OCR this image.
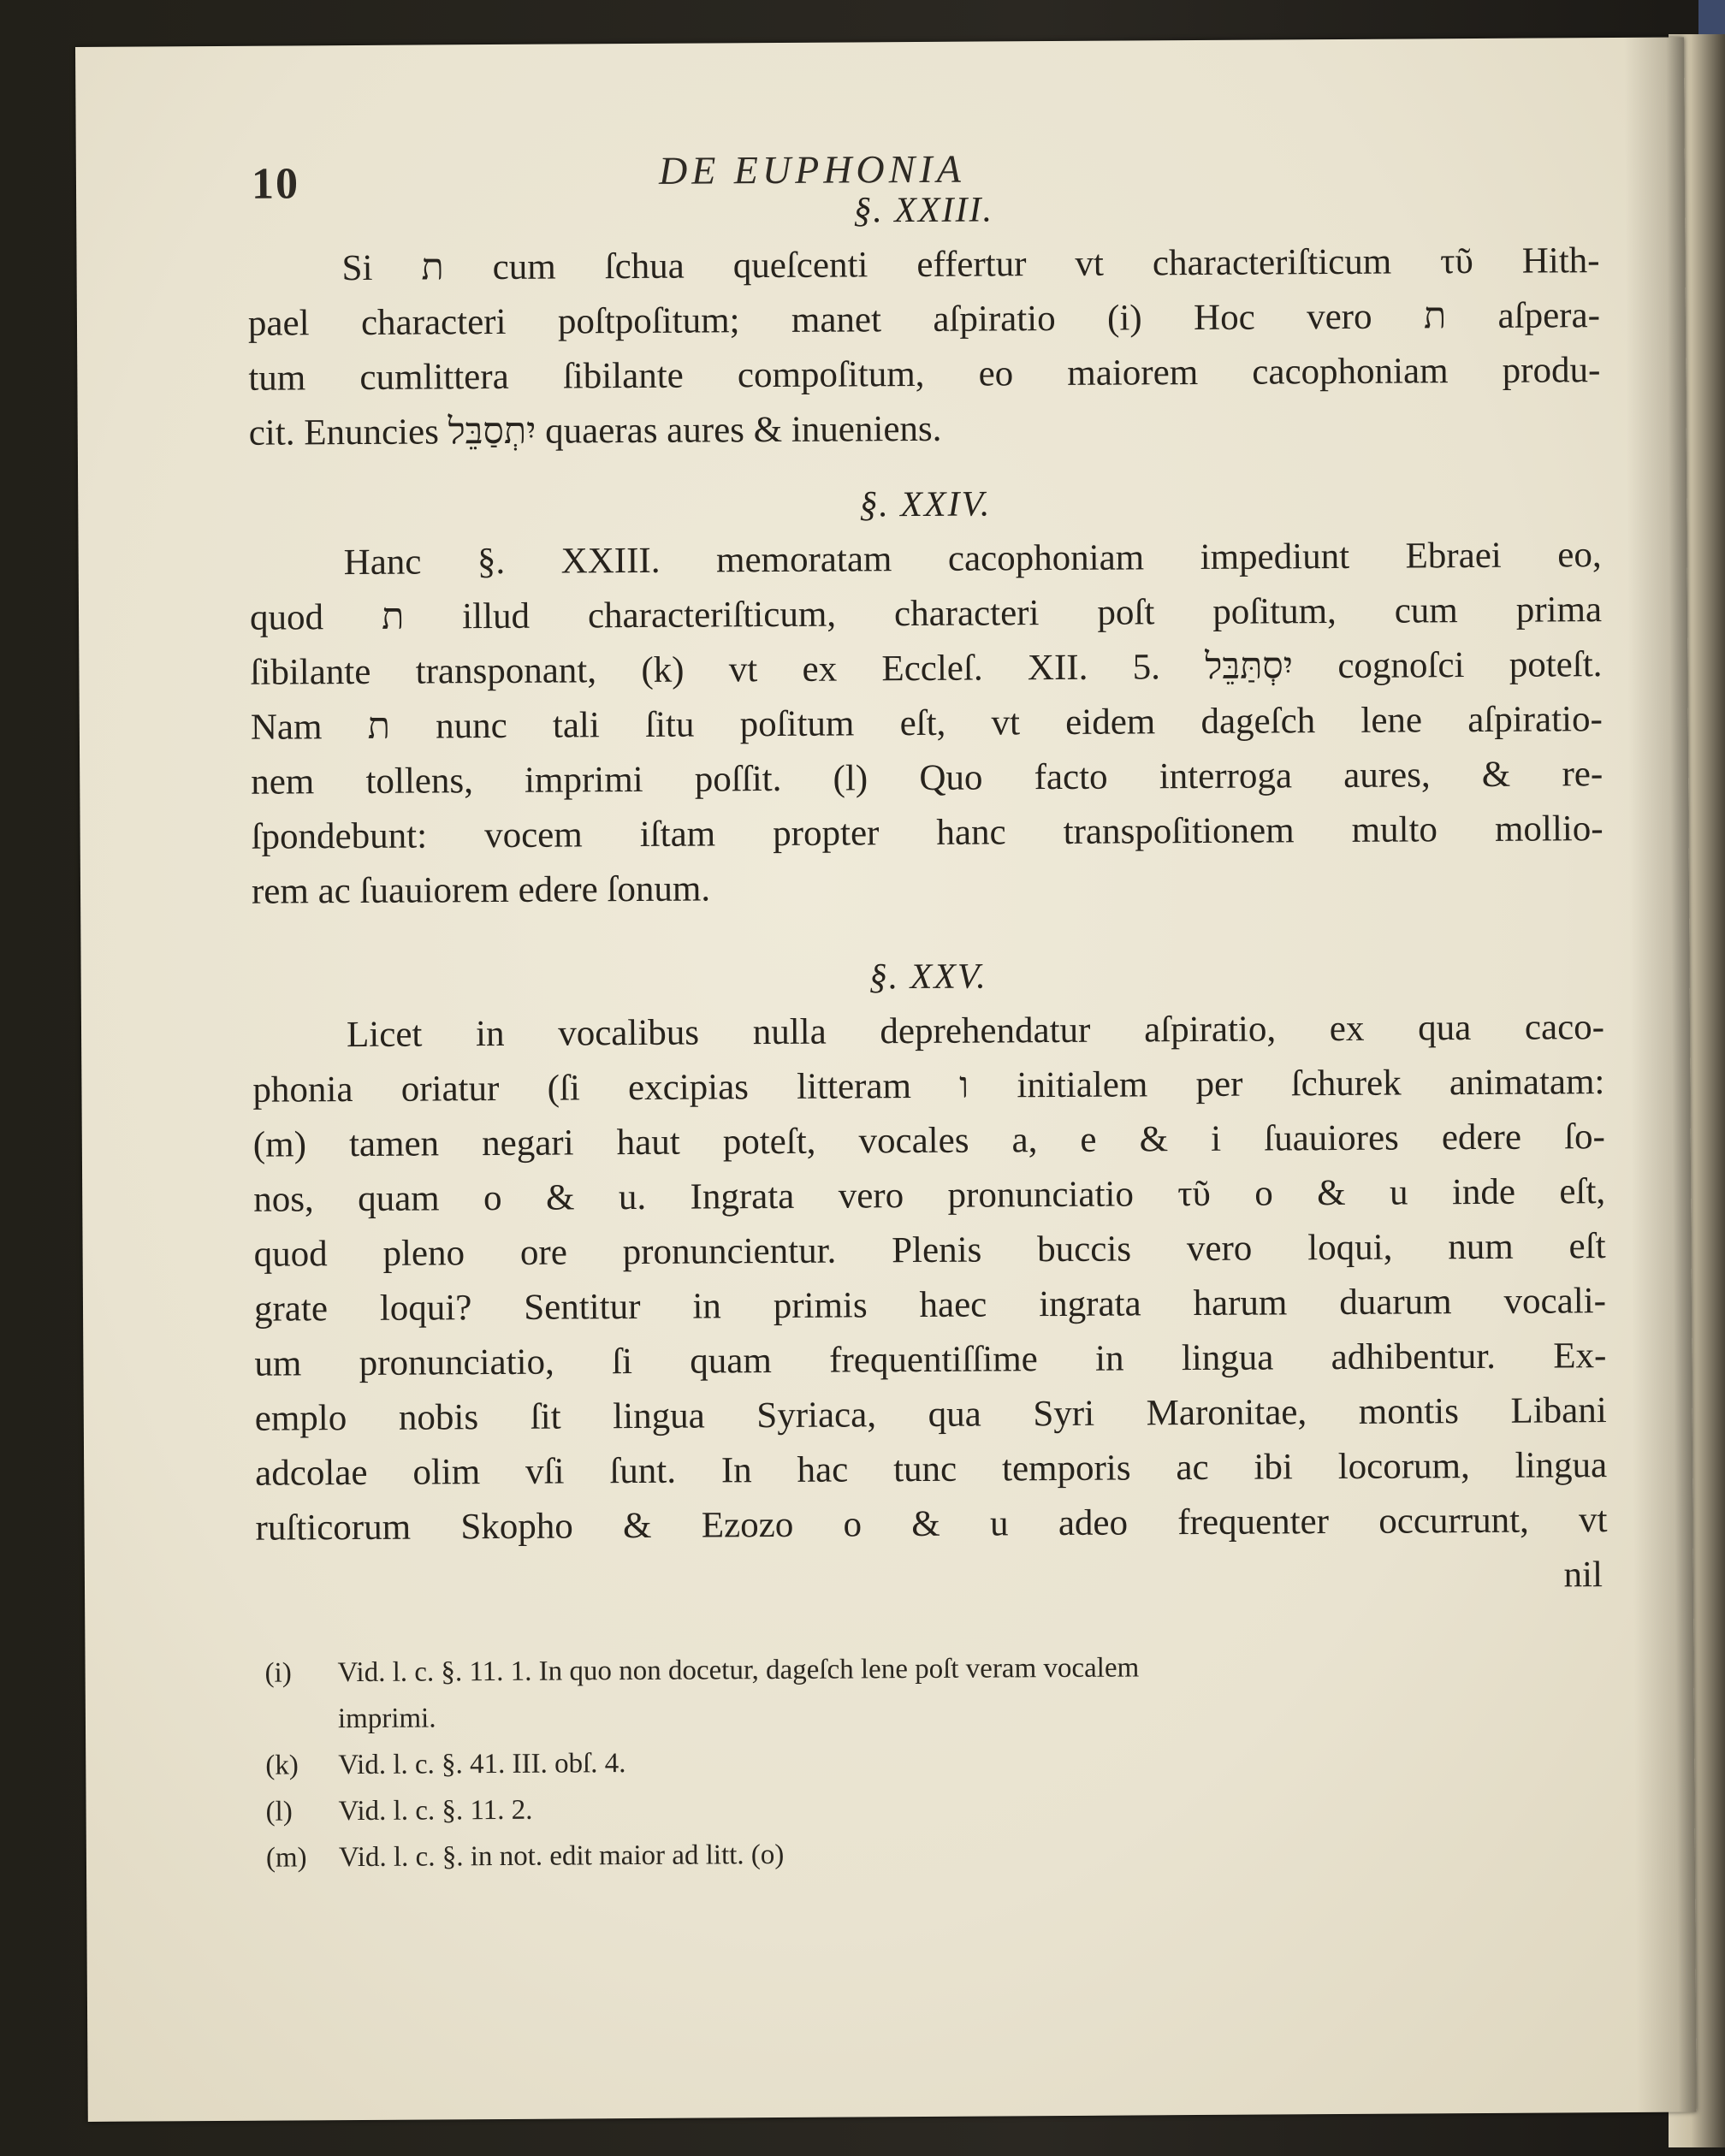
10	DE EUPHONIA
§. XXIII.
Si ת cum ſchua queſcenti effertur vt characteriſticum τῦ Hith-
pael characteri poſtpoſitum; manet aſpiratio (i) Hoc vero ת aſpera-
tum cumlittera ſibilante compoſitum, eo maiorem cacophoniam produ-
cit. Enuncies יִתְסַבֵּל quaeras aures & inueniens.
§. XXIV.
Hanc §. XXIII. memoratam cacophoniam impediunt Ebraei eo,
quod ת illud characteriſticum, characteri poſt poſitum, cum prima
ſibilante transponant, (k) vt ex Eccleſ. XII. 5. יִסְתַּבֵּל cognoſci poteſt.
Nam ת nunc tali ſitu poſitum eſt, vt eidem dageſch lene aſpiratio-
nem tollens, imprimi poſſit. (l) Quo facto interroga aures, & re-
ſpondebunt: vocem iſtam propter hanc transpoſitionem multo mollio-
rem ac ſuauiorem edere ſonum.
§. XXV.
Licet in vocalibus nulla deprehendatur aſpiratio, ex qua caco-
phonia oriatur (ſi excipias litteram ו initialem per ſchurek animatam:
(m) tamen negari haut poteſt, vocales a, e & i ſuauiores edere ſo-
nos, quam o & u. Ingrata vero pronunciatio τῦ o & u inde eſt,
quod pleno ore pronuncientur. Plenis buccis vero loqui, num eſt
grate loqui? Sentitur in primis haec ingrata harum duarum vocali-
um pronunciatio, ſi quam frequentiſſime in lingua adhibentur. Ex-
emplo nobis ſit lingua Syriaca, qua Syri Maronitae, montis Libani
adcolae olim vſi ſunt. In hac tunc temporis ac ibi locorum, lingua
ruſticorum Skopho & Ezozo o & u adeo frequenter occurrunt, vt
nil
(i)	Vid. l. c. §. 11. 1. In quo non docetur, dageſch lene poſt veram vocalem
imprimi.
(k)	Vid. l. c. §. 41. III. obſ. 4.
(l)	Vid. l. c. §. 11. 2.
(m)	Vid. l. c. §. in not. edit maior ad litt. (o)
